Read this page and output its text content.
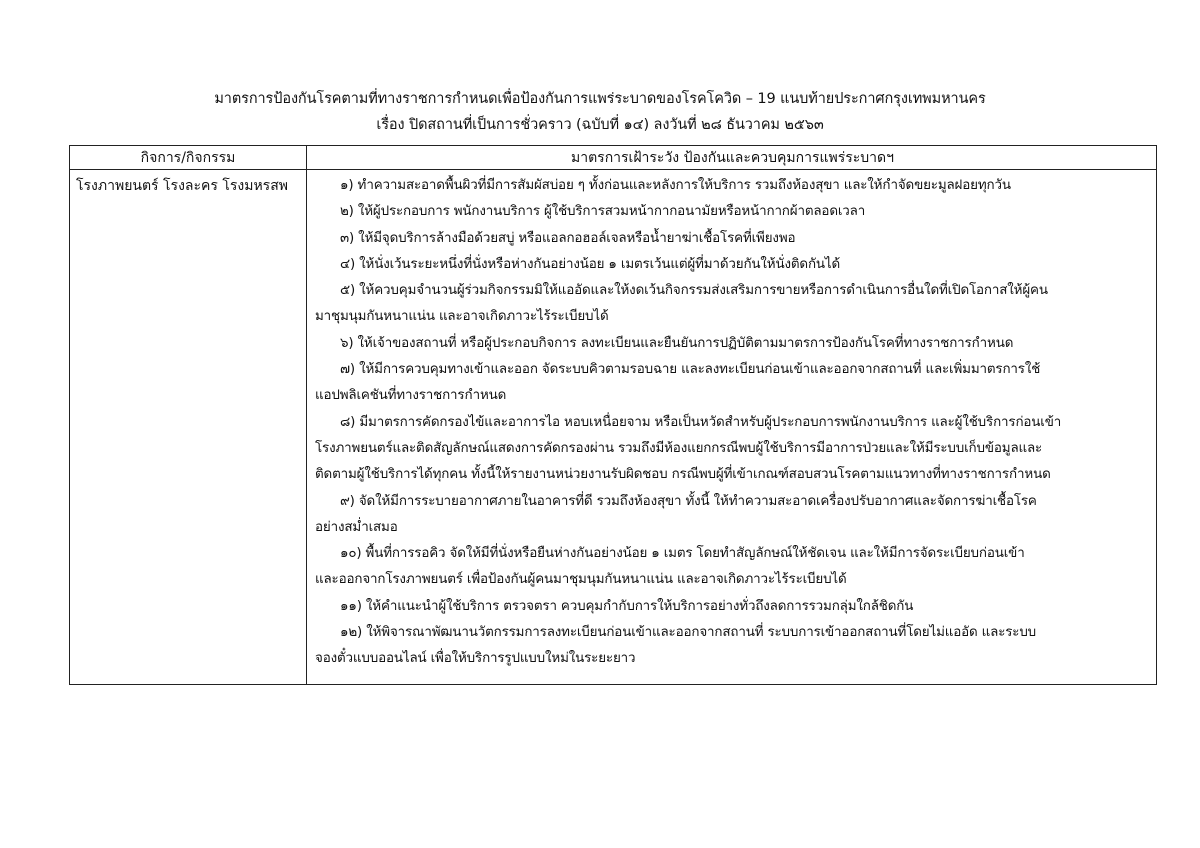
มาตรการป้องกันโรคตามที่ทางราชการกำหนดเพื่อป้องกันการแพร่ระบาดของโรคโควิด – 19 แนบท้ายประกาศกรุงเทพมหานคร
เรื่อง ปิดสถานที่เป็นการชั่วคราว (ฉบับที่ ๑๔) ลงวันที่ ๒๘ ธันวาคม ๒๕๖๓
กิจการ/กิจกรรม	มาตรการเฝ้าระวัง ป้องกันและควบคุมการแพร่ระบาดฯ
โรงภาพยนตร์ โรงละคร โรงมหรสพ	๑) ทำความสะอาดพื้นผิวที่มีการสัมผัสบ่อย ๆ ทั้งก่อนและหลังการให้บริการ รวมถึงห้องสุขา และให้กำจัดขยะมูลฝอยทุกวัน
๒) ให้ผู้ประกอบการ พนักงานบริการ ผู้ใช้บริการสวมหน้ากากอนามัยหรือหน้ากากผ้าตลอดเวลา
๓) ให้มีจุดบริการล้างมือด้วยสบู่ หรือแอลกอฮอล์เจลหรือน้ำยาฆ่าเชื้อโรคที่เพียงพอ
๔) ให้นั่งเว้นระยะหนึ่งที่นั่งหรือห่างกันอย่างน้อย ๑ เมตรเว้นแต่ผู้ที่มาด้วยกันให้นั่งติดกันได้
๕) ให้ควบคุมจำนวนผู้ร่วมกิจกรรมมิให้แออัดและให้งดเว้นกิจกรรมส่งเสริมการขายหรือการดำเนินการอื่นใดที่เปิดโอกาสให้ผู้คน
มาชุมนุมกันหนาแน่น และอาจเกิดภาวะไร้ระเบียบได้
๖) ให้เจ้าของสถานที่ หรือผู้ประกอบกิจการ ลงทะเบียนและยืนยันการปฏิบัติตามมาตรการป้องกันโรคที่ทางราชการกำหนด
๗) ให้มีการควบคุมทางเข้าและออก จัดระบบคิวตามรอบฉาย และลงทะเบียนก่อนเข้าและออกจากสถานที่ และเพิ่มมาตรการใช้
แอปพลิเคชันที่ทางราชการกำหนด
๘) มีมาตรการคัดกรองไข้และอาการไอ หอบเหนื่อยจาม หรือเป็นหวัดสำหรับผู้ประกอบการพนักงานบริการ และผู้ใช้บริการก่อนเข้า
โรงภาพยนตร์และติดสัญลักษณ์แสดงการคัดกรองผ่าน รวมถึงมีห้องแยกกรณีพบผู้ใช้บริการมีอาการป่วยและให้มีระบบเก็บข้อมูลและ
ติดตามผู้ใช้บริการได้ทุกคน ทั้งนี้ให้รายงานหน่วยงานรับผิดชอบ กรณีพบผู้ที่เข้าเกณฑ์สอบสวนโรคตามแนวทางที่ทางราชการกำหนด
๙) จัดให้มีการระบายอากาศภายในอาคารที่ดี รวมถึงห้องสุขา ทั้งนี้ ให้ทำความสะอาดเครื่องปรับอากาศและจัดการฆ่าเชื้อโรค
อย่างสม่ำเสมอ
๑๐) พื้นที่การรอคิว จัดให้มีที่นั่งหรือยืนห่างกันอย่างน้อย ๑ เมตร โดยทำสัญลักษณ์ให้ชัดเจน และให้มีการจัดระเบียบก่อนเข้า
และออกจากโรงภาพยนตร์ เพื่อป้องกันผู้คนมาชุมนุมกันหนาแน่น และอาจเกิดภาวะไร้ระเบียบได้
๑๑) ให้คำแนะนำผู้ใช้บริการ ตรวจตรา ควบคุมกำกับการให้บริการอย่างทั่วถึงลดการรวมกลุ่มใกล้ชิดกัน
๑๒) ให้พิจารณาพัฒนานวัตกรรมการลงทะเบียนก่อนเข้าและออกจากสถานที่ ระบบการเข้าออกสถานที่โดยไม่แออัด และระบบ
จองตั๋วแบบออนไลน์ เพื่อให้บริการรูปแบบใหม่ในระยะยาว
